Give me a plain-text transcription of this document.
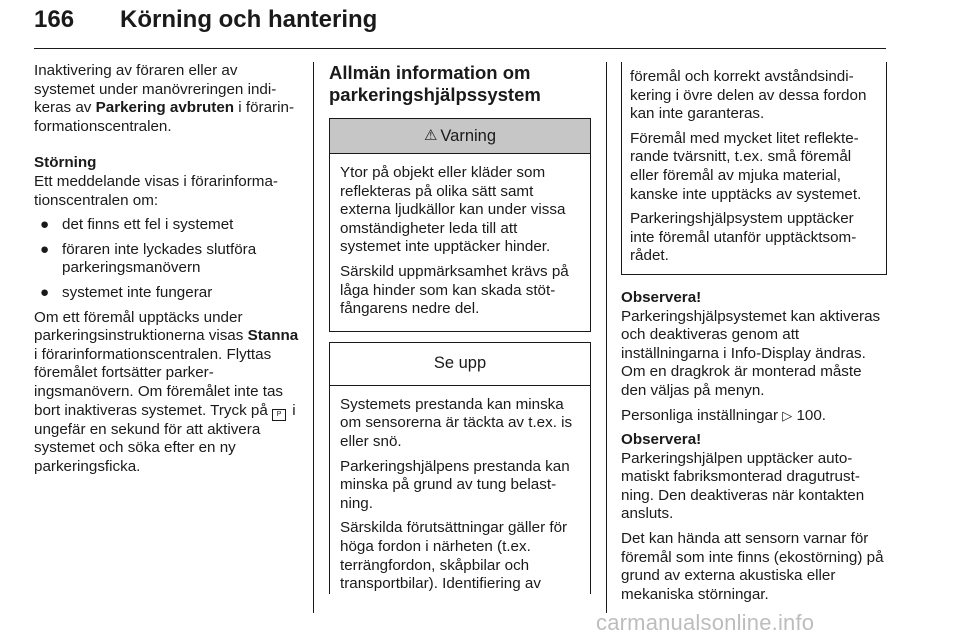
166 Körning och hantering

Inaktivering av föraren eller av systemet under manövreringen indikeras av Parkering avbruten i förarinformationscentralen.

Störning

Ett meddelande visas i förarinformationscentralen om:

● det finns ett fel i systemet
● föraren inte lyckades slutföra parkeringsmanövern
● systemet inte fungerar

Om ett föremål upptäcks under parkeringsinstruktionerna visas Stanna i förarinformationscentralen. Flyttas föremålet fortsätter parkeringsmanövern. Om föremålet inte tas bort inaktiveras systemet. Tryck på P i ungefär en sekund för att aktivera systemet och söka efter en ny parkeringsficka.

Allmän information om parkeringshjälpssystem

⚠ Varning

Ytor på objekt eller kläder som reflekteras på olika sätt samt externa ljudkällor kan under vissa omständigheter leda till att systemet inte upptäcker hinder.

Särskild uppmärksamhet krävs på låga hinder som kan skada stötfångarens nedre del.

Se upp

Systemets prestanda kan minska om sensorerna är täckta av t.ex. is eller snö.

Parkeringshjälpens prestanda kan minska på grund av tung belastning.

Särskilda förutsättningar gäller för höga fordon i närheten (t.ex. terrängfordon, skåpbilar och transportbilar). Identifiering av

föremål och korrekt avståndsindikering i övre delen av dessa fordon kan inte garanteras.

Föremål med mycket litet reflekterande tvärsnitt, t.ex. små föremål eller föremål av mjuka material, kanske inte upptäcks av systemet.

Parkeringshjälpsystem upptäcker inte föremål utanför upptäcktsområdet.

Observera!

Parkeringshjälpsystemet kan aktiveras och deaktiveras genom att inställningarna i Info-Display ändras. Om en dragkrok är monterad måste den väljas på menyn.

Personliga inställningar ▷ 100.

Observera!

Parkeringshjälpen upptäcker automatiskt fabriksmonterad dragutrustning. Den deaktiveras när kontakten ansluts.

Det kan hända att sensorn varnar för föremål som inte finns (ekostörning) på grund av externa akustiska eller mekaniska störningar.

carmanualsonline.info
